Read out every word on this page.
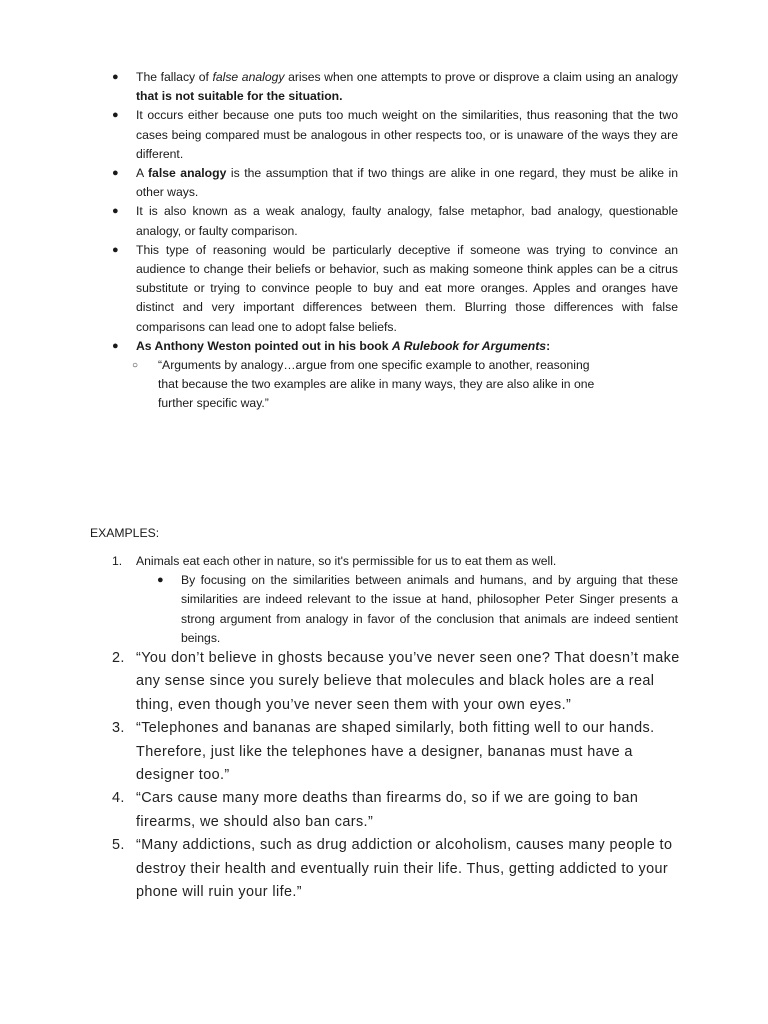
● The fallacy of false analogy arises when one attempts to prove or disprove a claim using an analogy that is not suitable for the situation.
● It occurs either because one puts too much weight on the similarities, thus reasoning that the two cases being compared must be analogous in other respects too, or is unaware of the ways they are different.
● A false analogy is the assumption that if two things are alike in one regard, they must be alike in other ways.
● It is also known as a weak analogy, faulty analogy, false metaphor, bad analogy, questionable analogy, or faulty comparison.
● This type of reasoning would be particularly deceptive if someone was trying to convince an audience to change their beliefs or behavior, such as making someone think apples can be a citrus substitute or trying to convince people to buy and eat more oranges. Apples and oranges have distinct and very important differences between them. Blurring those differences with false comparisons can lead one to adopt false beliefs.
● As Anthony Weston pointed out in his book A Rulebook for Arguments:
○ “Arguments by analogy…argue from one specific example to another, reasoning that because the two examples are alike in many ways, they are also alike in one further specific way.”
EXAMPLES:
1. Animals eat each other in nature, so it's permissible for us to eat them as well.
● By focusing on the similarities between animals and humans, and by arguing that these similarities are indeed relevant to the issue at hand, philosopher Peter Singer presents a strong argument from analogy in favor of the conclusion that animals are indeed sentient beings.
2. “You don’t believe in ghosts because you’ve never seen one? That doesn’t make any sense since you surely believe that molecules and black holes are a real thing, even though you’ve never seen them with your own eyes.”
3. “Telephones and bananas are shaped similarly, both fitting well to our hands. Therefore, just like the telephones have a designer, bananas must have a designer too.”
4. “Cars cause many more deaths than firearms do, so if we are going to ban firearms, we should also ban cars.”
5. “Many addictions, such as drug addiction or alcoholism, causes many people to destroy their health and eventually ruin their life. Thus, getting addicted to your phone will ruin your life.”
